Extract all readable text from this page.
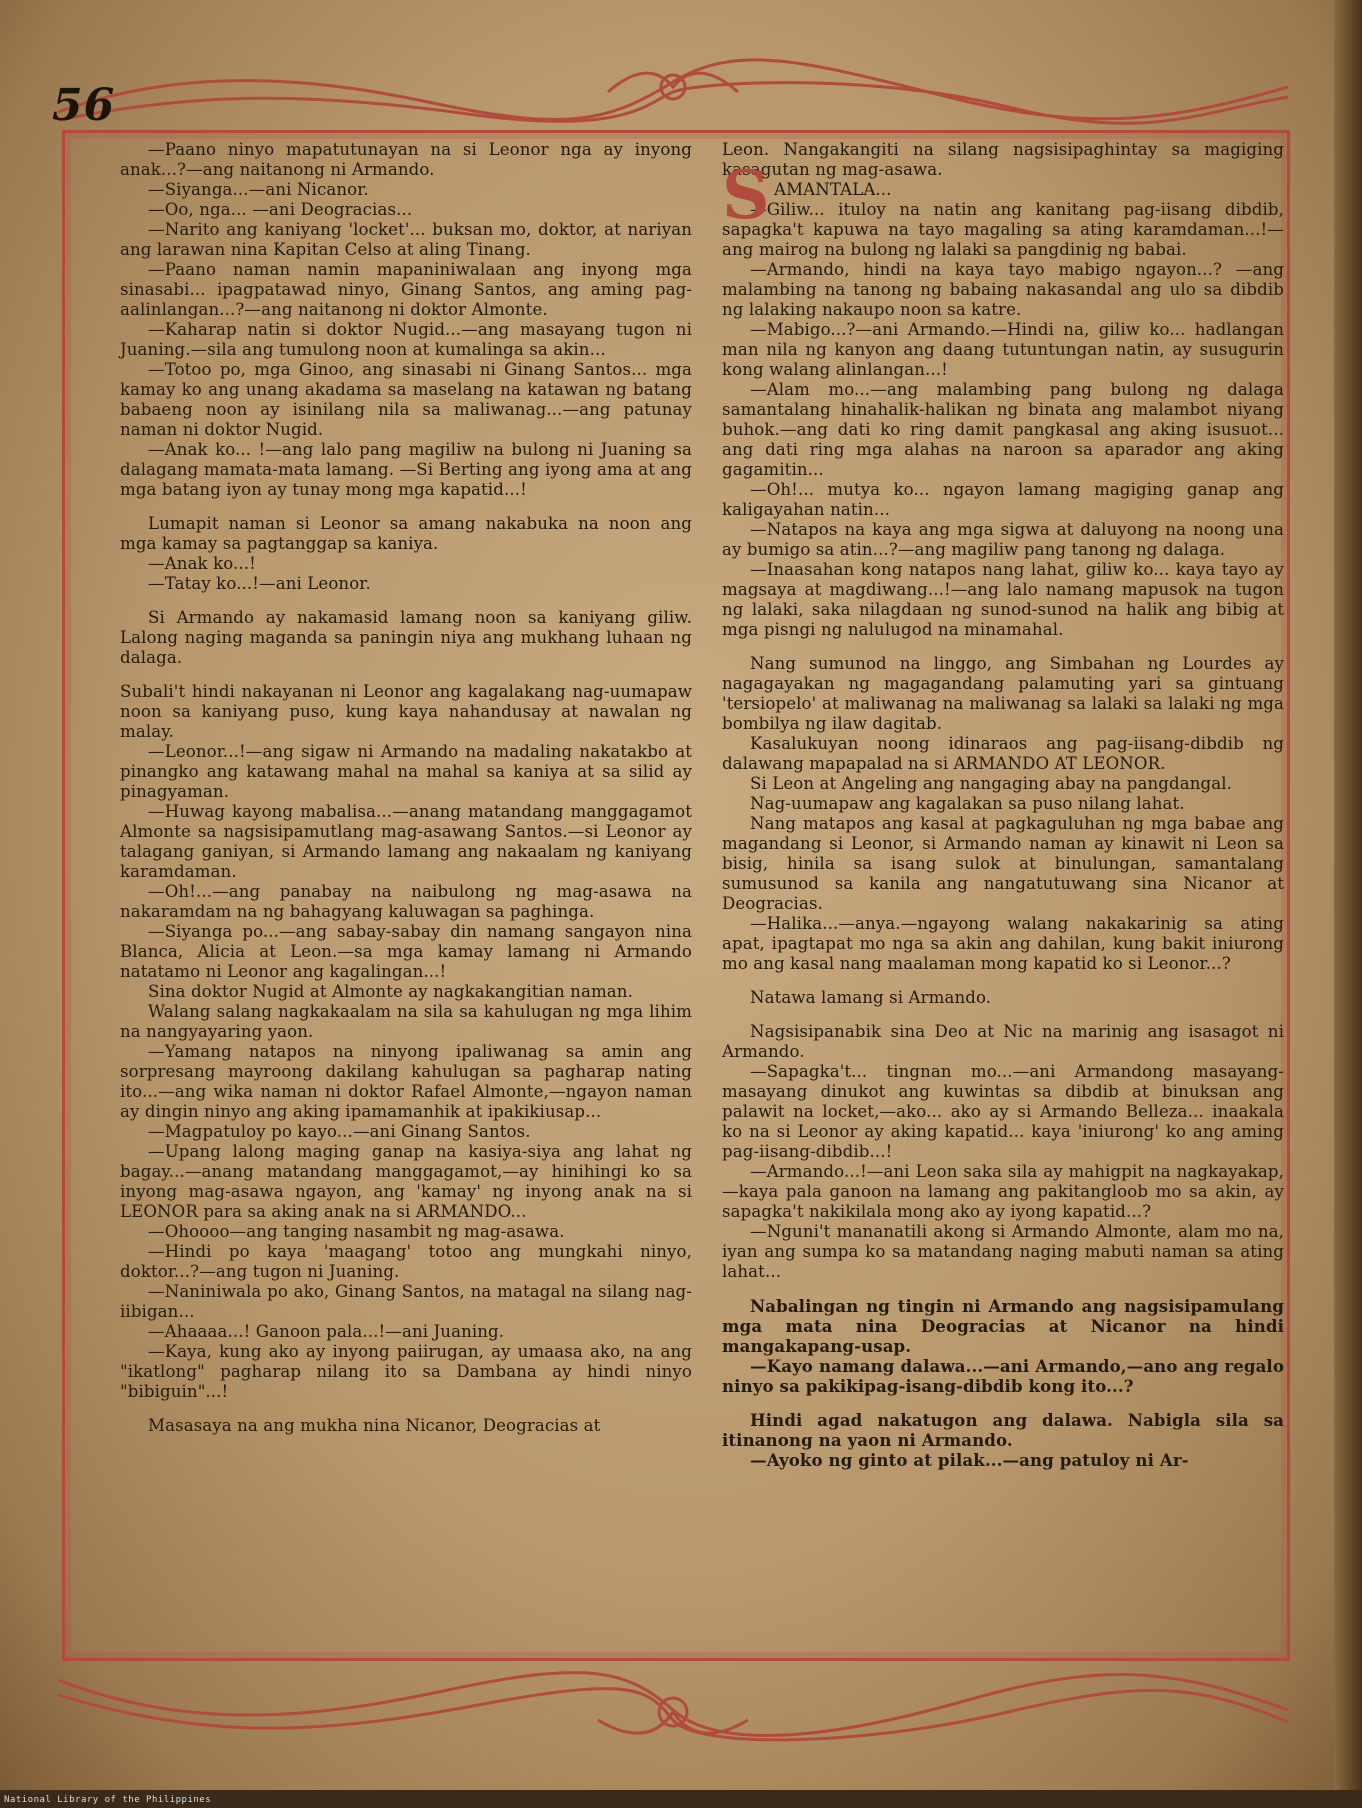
56

—Paano ninyo mapatutunayan na si Leonor nga ay inyong anak...?—ang naitanong ni Armando.

—Siyanga...—ani Nicanor.

—Oo, nga... —ani Deogracias...

—Narito ang kaniyang 'locket'... buksan mo, doktor, at nariyan ang larawan nina Kapitan Celso at aling Tinang.

—Paano naman namin mapaniniwalaan ang inyong mga sinasabi... ipagpatawad ninyo, Ginang Santos, ang aming pag-aalinlangan...?—ang naitanong ni doktor Almonte.

—Kaharap natin si doktor Nugid...—ang masayang tugon ni Juaning.—sila ang tumulong noon at kumalinga sa akin...

—Totoo po, mga Ginoo, ang sinasabi ni Ginang Santos... mga kamay ko ang unang akadama sa maselang na katawan ng batang babaeng noon ay isinilang nila sa maliwanag...—ang patunay naman ni doktor Nugid.

—Anak ko... !—ang lalo pang magiliw na bulong ni Juaning sa dalagang mamata-mata lamang. —Si Berting ang iyong ama at ang mga batang iyon ay tunay mong mga kapatid...!

Lumapit naman si Leonor sa amang nakabuka na noon ang mga kamay sa pagtanggap sa kaniya.

—Anak ko...!

—Tatay ko...!—ani Leonor.

Si Armando ay nakamasid lamang noon sa kaniyang giliw. Lalong naging maganda sa paningin niya ang mukhang luhaan ng dalaga.

Subali't hindi nakayanan ni Leonor ang kagalakang nag-uumapaw noon sa kaniyang puso, kung kaya nahandusay at nawalan ng malay.

—Leonor...!—ang sigaw ni Armando na madaling nakatakbo at pinangko ang katawang mahal na mahal sa kaniya at sa silid ay pinagyaman.

—Huwag kayong mabalisa...—anang matandang manggagamot Almonte sa nagsisipamutlang mag-asawang Santos.—si Leonor ay talagang ganiyan, si Armando lamang ang nakaalam ng kaniyang karamdaman.

—Oh!...—ang panabay na naibulong ng mag-asawa na nakaramdam na ng bahagyang kaluwagan sa paghinga.

—Siyanga po...—ang sabay-sabay din namang sangayon nina Blanca, Alicia at Leon.—sa mga kamay lamang ni Armando natatamo ni Leonor ang kagalingan...!

Sina doktor Nugid at Almonte ay nagkakangitian naman.

Walang salang nagkakaalam na sila sa kahulugan ng mga lihim na nangyayaring yaon.

—Yamang natapos na ninyong ipaliwanag sa amin ang sorpresang mayroong dakilang kahulugan sa pagharap nating ito...—ang wika naman ni doktor Rafael Almonte,—ngayon naman ay dingin ninyo ang aking ipamamanhik at ipakikiusap...

—Magpatuloy po kayo...—ani Ginang Santos.

—Upang lalong maging ganap na kasiya-siya ang lahat ng bagay...—anang matandang manggagamot,—ay hinihingi ko sa inyong mag-asawa ngayon, ang 'kamay' ng inyong anak na si LEONOR para sa aking anak na si ARMANDO...

—Ohoooo—ang tanging nasambit ng mag-asawa.

—Hindi po kaya 'maagang' totoo ang mungkahi ninyo, doktor...?—ang tugon ni Juaning.

—Naniniwala po ako, Ginang Santos, na matagal na silang nag-iibigan...

—Ahaaaa...! Ganoon pala...!—ani Juaning.

—Kaya, kung ako ay inyong paiirugan, ay umaasa ako, na ang "ikatlong" pagharap nilang ito sa Dambana ay hindi ninyo "bibiguin"...!

Masasaya na ang mukha nina Nicanor, Deogracias at

Leon. Nangakangiti na silang nagsisipaghintay sa magiging kasagutan ng mag-asawa.

S AMANTALA...

—Giliw... ituloy na natin ang kanitang pag-iisang dibdib, sapagka't kapuwa na tayo magaling sa ating karamdaman...!—ang mairog na bulong ng lalaki sa pangdinig ng babai.

—Armando, hindi na kaya tayo mabigo ngayon...? —ang malambing na tanong ng babaing nakasandal ang ulo sa dibdib ng lalaking nakaupo noon sa katre.

—Mabigo...?—ani Armando.—Hindi na, giliw ko... hadlangan man nila ng kanyon ang daang tutuntungan natin, ay susugurin kong walang alinlangan...!

—Alam mo...—ang malambing pang bulong ng dalaga samantalang hinahalik-halikan ng binata ang malambot niyang buhok.—ang dati ko ring damit pangkasal ang aking isusuot... ang dati ring mga alahas na naroon sa aparador ang aking gagamitin...

—Oh!... mutya ko... ngayon lamang magiging ganap ang kaligayahan natin...

—Natapos na kaya ang mga sigwa at daluyong na noong una ay bumigo sa atin...?—ang magiliw pang tanong ng dalaga.

—Inaasahan kong natapos nang lahat, giliw ko... kaya tayo ay magsaya at magdiwang...!—ang lalo namang mapusok na tugon ng lalaki, saka nilagdaan ng sunod-sunod na halik ang bibig at mga pisngi ng nalulugod na minamahal.

Nang sumunod na linggo, ang Simbahan ng Lourdes ay nagagayakan ng magagandang palamuting yari sa gintuang 'tersiopelo' at maliwanag na maliwanag sa lalaki sa lalaki ng mga bombilya ng ilaw dagitab.

Kasalukuyan noong idinaraos ang pag-iisang-dibdib ng dalawang mapapalad na si ARMANDO AT LEONOR.

Si Leon at Angeling ang nangaging abay na pangdangal.

Nag-uumapaw ang kagalakan sa puso nilang lahat.

Nang matapos ang kasal at pagkaguluhan ng mga babae ang magandang si Leonor, si Armando naman ay kinawit ni Leon sa bisig, hinila sa isang sulok at binulungan, samantalang sumusunod sa kanila ang nangatutuwang sina Nicanor at Deogracias.

—Halika...—anya.—ngayong walang nakakarinig sa ating apat, ipagtapat mo nga sa akin ang dahilan, kung bakit iniurong mo ang kasal nang maalaman mong kapatid ko si Leonor...?

Natawa lamang si Armando.

Nagsisipanabik sina Deo at Nic na marinig ang isasagot ni Armando.

—Sapagka't... tingnan mo...—ani Armandong masayang-masayang dinukot ang kuwintas sa dibdib at binuksan ang palawit na locket,—ako... ako ay si Armando Belleza... inaakala ko na si Leonor ay aking kapatid... kaya 'iniurong' ko ang aming pag-iisang-dibdib...!

—Armando...!—ani Leon saka sila ay mahigpit na nagkayakap,—kaya pala ganoon na lamang ang pakitangloob mo sa akin, ay sapagka't nakikilala mong ako ay iyong kapatid...?

—Nguni't mananatili akong si Armando Almonte, alam mo na, iyan ang sumpa ko sa matandang naging mabuti naman sa ating lahat...

Nabalingan ng tingin ni Armando ang nagsisipamulang mga mata nina Deogracias at Nicanor na hindi mangakapang-usap.

—Kayo namang dalawa...—ani Armando,—ano ang regalo ninyo sa pakikipag-isang-dibdib kong ito...?

Hindi agad nakatugon ang dalawa. Nabigla sila sa itinanong na yaon ni Armando.

—Ayoko ng ginto at pilak...—ang patuloy ni Ar-

National Library of the Philippines
